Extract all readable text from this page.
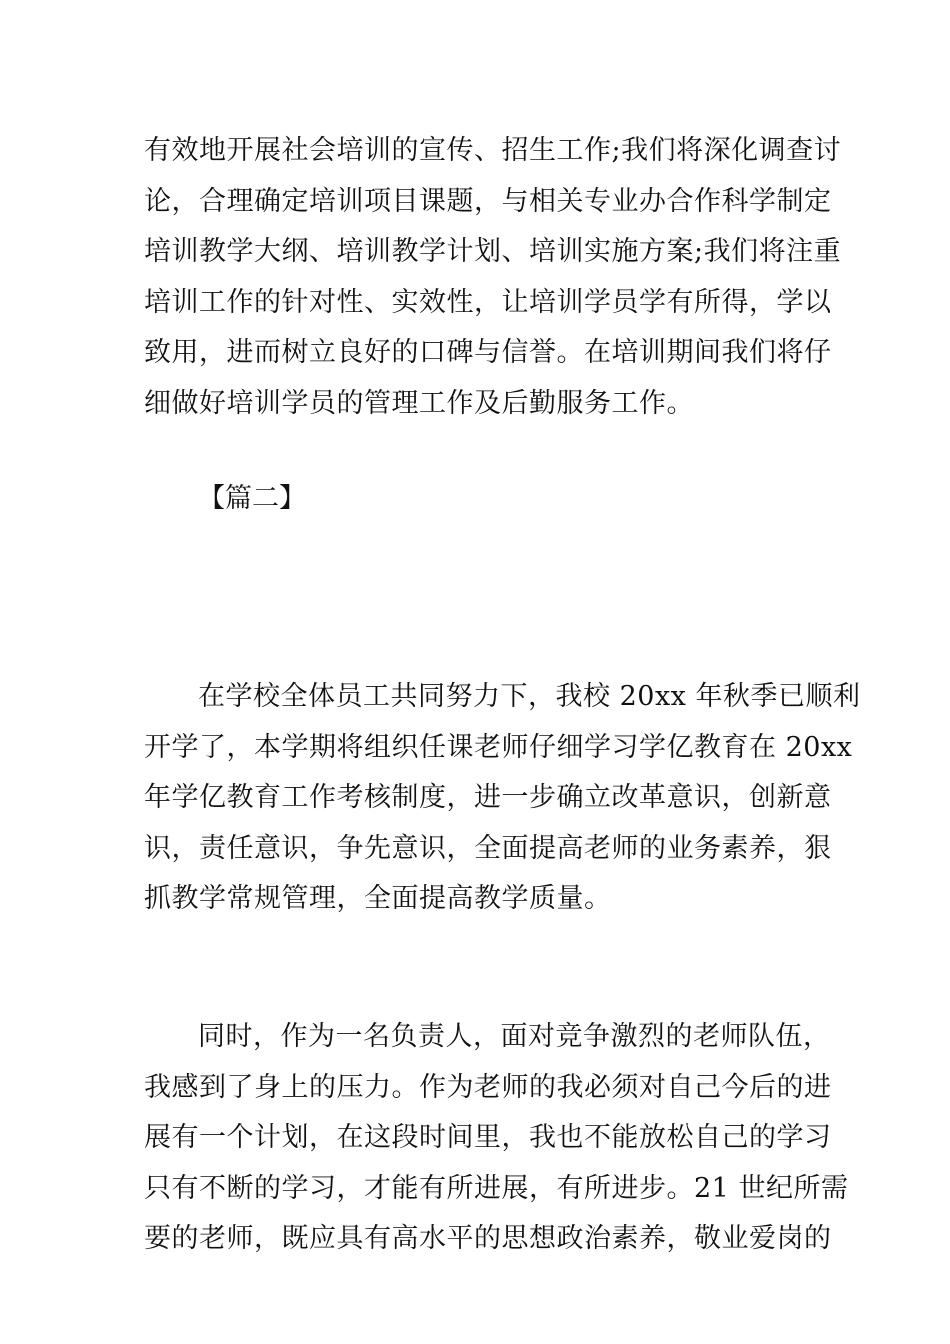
有效地开展社会培训的宣传、招生工作;我们将深化调查讨
论，合理确定培训项目课题，与相关专业办合作科学制定
培训教学大纲、培训教学计划、培训实施方案;我们将注重
培训工作的针对性、实效性，让培训学员学有所得，学以
致用，进而树立良好的口碑与信誉。在培训期间我们将仔
细做好培训学员的管理工作及后勤服务工作。
【篇二】
在学校全体员工共同努力下，我校 20xx 年秋季已顺利
开学了，本学期将组织任课老师仔细学习学亿教育在 20xx
年学亿教育工作考核制度，进一步确立改革意识，创新意
识，责任意识，争先意识，全面提高老师的业务素养，狠
抓教学常规管理，全面提高教学质量。
同时，作为一名负责人，面对竞争激烈的老师队伍，
我感到了身上的压力。作为老师的我必须对自己今后的进
展有一个计划，在这段时间里，我也不能放松自己的学习
只有不断的学习，才能有所进展，有所进步。21 世纪所需
要的老师，既应具有高水平的思想政治素养，敬业爱岗的
